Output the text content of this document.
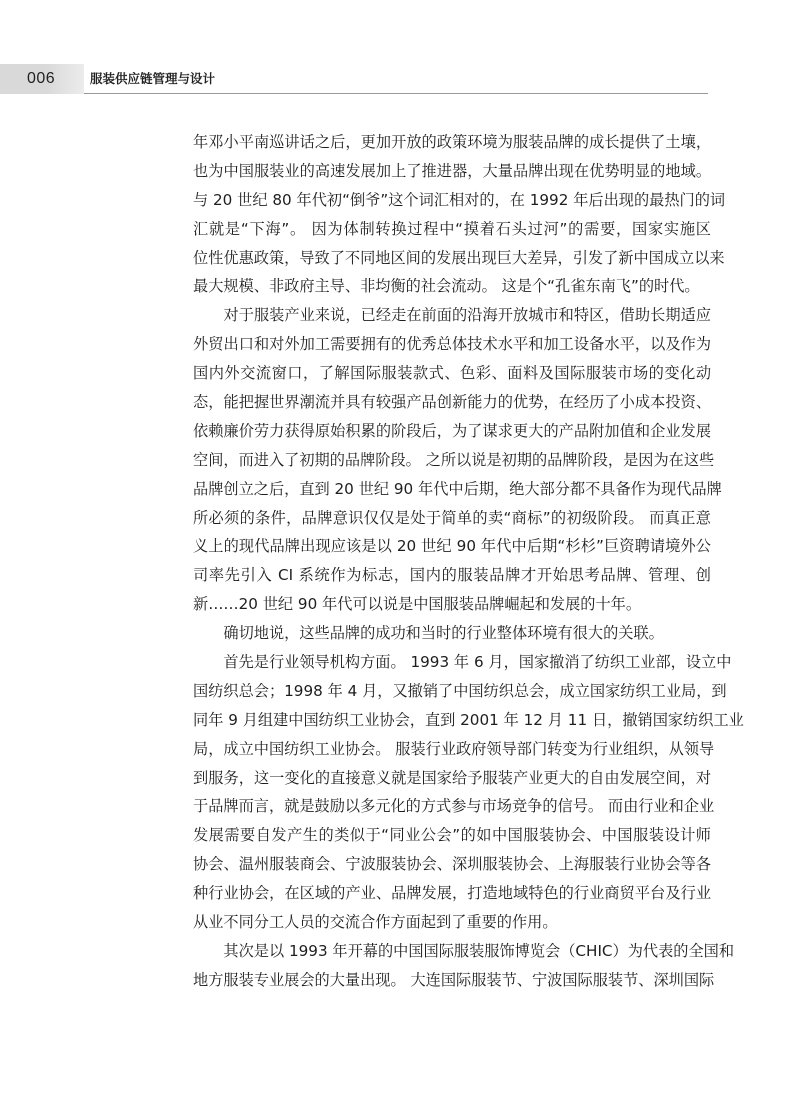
006	服装供应链管理与设计
年邓小平南巡讲话之后，更加开放的政策环境为服装品牌的成长提供了土壤，
也为中国服装业的高速发展加上了推进器，大量品牌出现在优势明显的地域。
与 20 世纪 80 年代初“倒爷”这个词汇相对的，在 1992 年后出现的最热门的词
汇就是“下海”。 因为体制转换过程中“摸着石头过河”的需要，国家实施区
位性优惠政策，导致了不同地区间的发展出现巨大差异，引发了新中国成立以来
最大规模、非政府主导、非均衡的社会流动。 这是个“孔雀东南飞”的时代。
　　对于服装产业来说，已经走在前面的沿海开放城市和特区，借助长期适应
外贸出口和对外加工需要拥有的优秀总体技术水平和加工设备水平，以及作为
国内外交流窗口，了解国际服装款式、色彩、面料及国际服装市场的变化动
态，能把握世界潮流并具有较强产品创新能力的优势，在经历了小成本投资、
依赖廉价劳力获得原始积累的阶段后，为了谋求更大的产品附加值和企业发展
空间，而进入了初期的品牌阶段。 之所以说是初期的品牌阶段，是因为在这些
品牌创立之后，直到 20 世纪 90 年代中后期，绝大部分都不具备作为现代品牌
所必须的条件，品牌意识仅仅是处于简单的卖“商标”的初级阶段。 而真正意
义上的现代品牌出现应该是以 20 世纪 90 年代中后期“杉杉”巨资聘请境外公
司率先引入 CI 系统作为标志，国内的服装品牌才开始思考品牌、管理、创
新……20 世纪 90 年代可以说是中国服装品牌崛起和发展的十年。
　　确切地说，这些品牌的成功和当时的行业整体环境有很大的关联。
　　首先是行业领导机构方面。 1993 年 6 月，国家撤消了纺织工业部，设立中
国纺织总会；1998 年 4 月，又撤销了中国纺织总会，成立国家纺织工业局，到
同年 9 月组建中国纺织工业协会，直到 2001 年 12 月 11 日，撤销国家纺织工业
局，成立中国纺织工业协会。 服装行业政府领导部门转变为行业组织，从领导
到服务，这一变化的直接意义就是国家给予服装产业更大的自由发展空间，对
于品牌而言，就是鼓励以多元化的方式参与市场竞争的信号。 而由行业和企业
发展需要自发产生的类似于“同业公会”的如中国服装协会、中国服装设计师
协会、温州服装商会、宁波服装协会、深圳服装协会、上海服装行业协会等各
种行业协会，在区域的产业、品牌发展，打造地域特色的行业商贸平台及行业
从业不同分工人员的交流合作方面起到了重要的作用。
　　其次是以 1993 年开幕的中国国际服装服饰博览会（CHIC）为代表的全国和
地方服装专业展会的大量出现。 大连国际服装节、宁波国际服装节、深圳国际
